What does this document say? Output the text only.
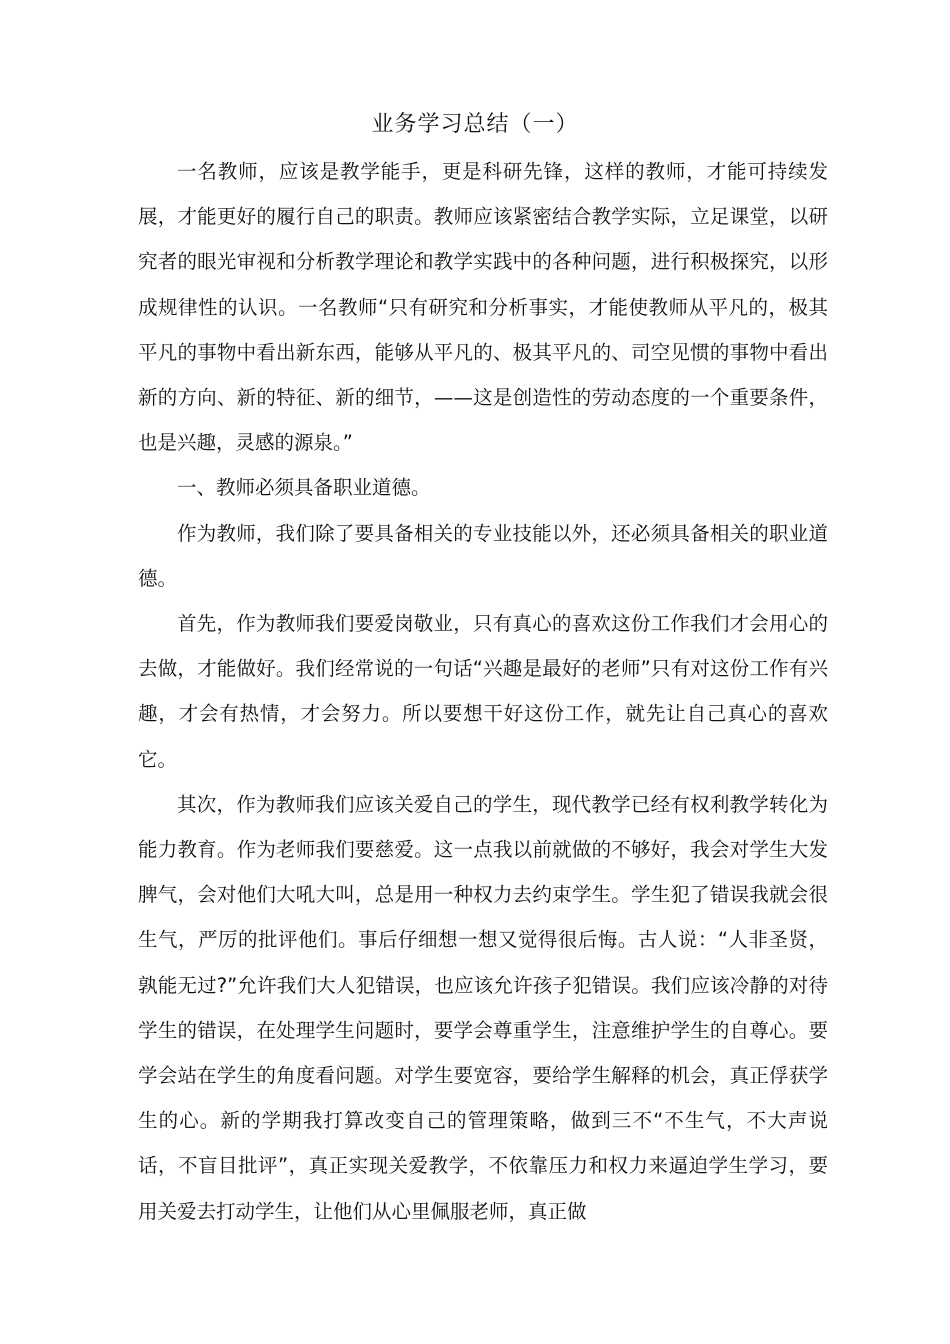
业务学习总结（一）

一名教师，应该是教学能手，更是科研先锋，这样的教师，才能可持续发展，才能更好的履行自己的职责。教师应该紧密结合教学实际，立足课堂，以研究者的眼光审视和分析教学理论和教学实践中的各种问题，进行积极探究，以形成规律性的认识。一名教师“只有研究和分析事实，才能使教师从平凡的，极其平凡的事物中看出新东西，能够从平凡的、极其平凡的、司空见惯的事物中看出新的方向、新的特征、新的细节，——这是创造性的劳动态度的一个重要条件，也是兴趣，灵感的源泉。”

一、教师必须具备职业道德。

作为教师，我们除了要具备相关的专业技能以外，还必须具备相关的职业道德。

首先，作为教师我们要爱岗敬业，只有真心的喜欢这份工作我们才会用心的去做，才能做好。我们经常说的一句话“兴趣是最好的老师”只有对这份工作有兴趣，才会有热情，才会努力。所以要想干好这份工作，就先让自己真心的喜欢它。

其次，作为教师我们应该关爱自己的学生，现代教学已经有权利教学转化为能力教育。作为老师我们要慈爱。这一点我以前就做的不够好，我会对学生大发脾气，会对他们大吼大叫，总是用一种权力去约束学生。学生犯了错误我就会很生气，严厉的批评他们。事后仔细想一想又觉得很后悔。古人说：“人非圣贤，孰能无过?”允许我们大人犯错误，也应该允许孩子犯错误。我们应该冷静的对待学生的错误，在处理学生问题时，要学会尊重学生，注意维护学生的自尊心。要学会站在学生的角度看问题。对学生要宽容，要给学生解释的机会，真正俘获学生的心。新的学期我打算改变自己的管理策略，做到三不“不生气，不大声说话，不盲目批评”，真正实现关爱教学，不依靠压力和权力来逼迫学生学习，要用关爱去打动学生，让他们从心里佩服老师，真正做
